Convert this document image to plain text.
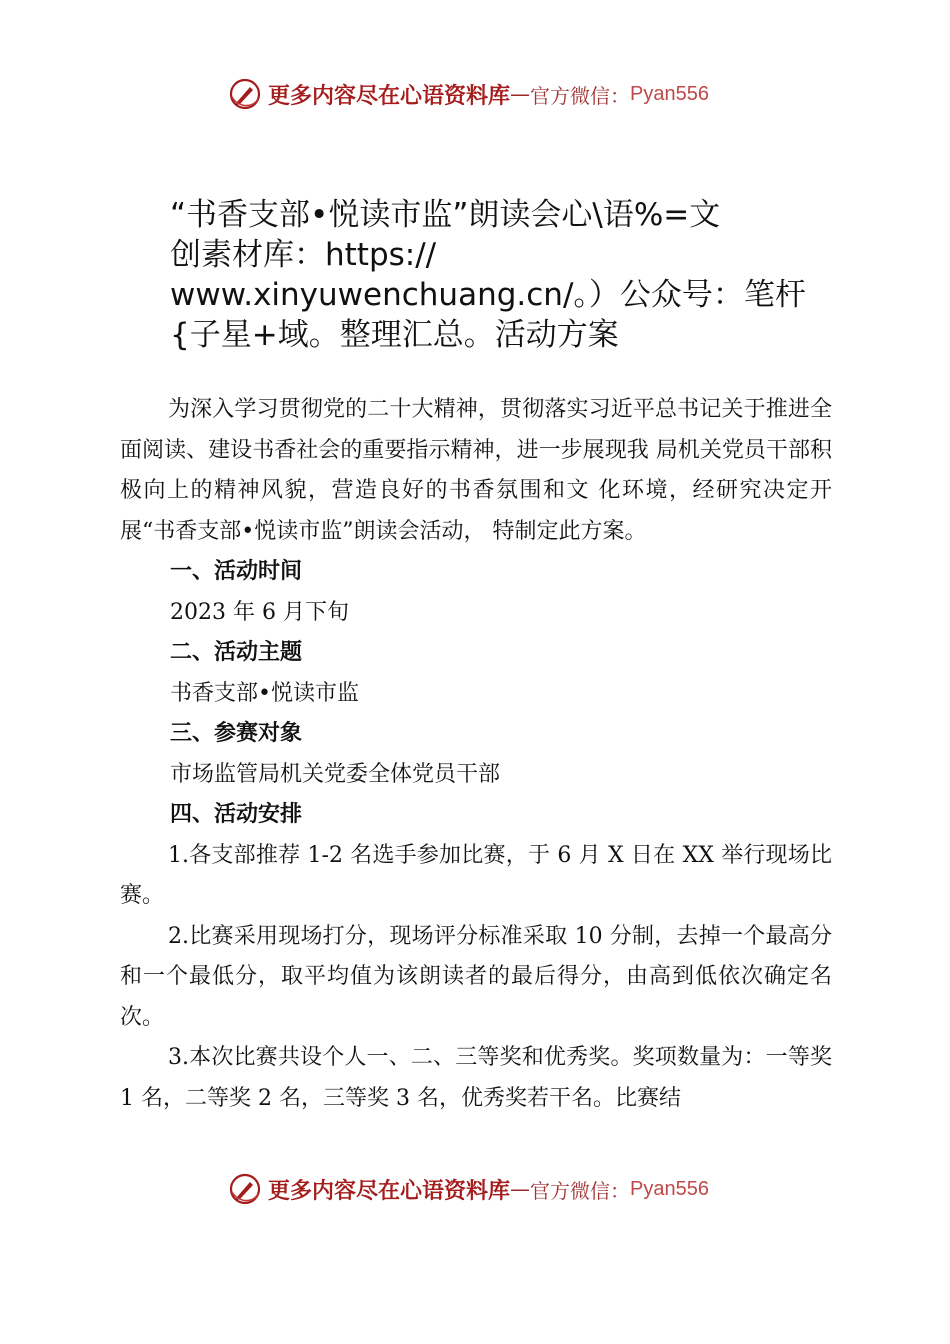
更多内容尽在心语资料库 — 官方微信： Pyan556
“书香支部•悦读市监”朗读会心\语%=文
创素材库：https://
www.xinyuwenchuang.cn/。）公众号：笔杆
{子星+域。整理汇总。活动方案

为深入学习贯彻党的二十大精神，贯彻落实习近平总书记关于推进全面阅读、建设书香社会的重要指示精神，进一步展现我 局机关党员干部积极向上的精神风貌，营造良好的书香氛围和文 化环境，经研究决定开展“书香支部•悦读市监”朗读会活动， 特制定此方案。

一、活动时间

2023 年 6 月下旬

二、活动主题

书香支部•悦读市监

三、参赛对象

市场监管局机关党委全体党员干部

四、活动安排

1.各支部推荐 1-2 名选手参加比赛，于 6 月 X 日在 XX 举行现场比赛。

2.比赛采用现场打分，现场评分标准采取 10 分制，去掉一个最高分和一个最低分，取平均值为该朗读者的最后得分，由高到低依次确定名次。

3.本次比赛共设个人一、二、三等奖和优秀奖。奖项数量为：一等奖 1 名，二等奖 2 名，三等奖 3 名，优秀奖若干名。比赛结

更多内容尽在心语资料库 — 官方微信： Pyan556
